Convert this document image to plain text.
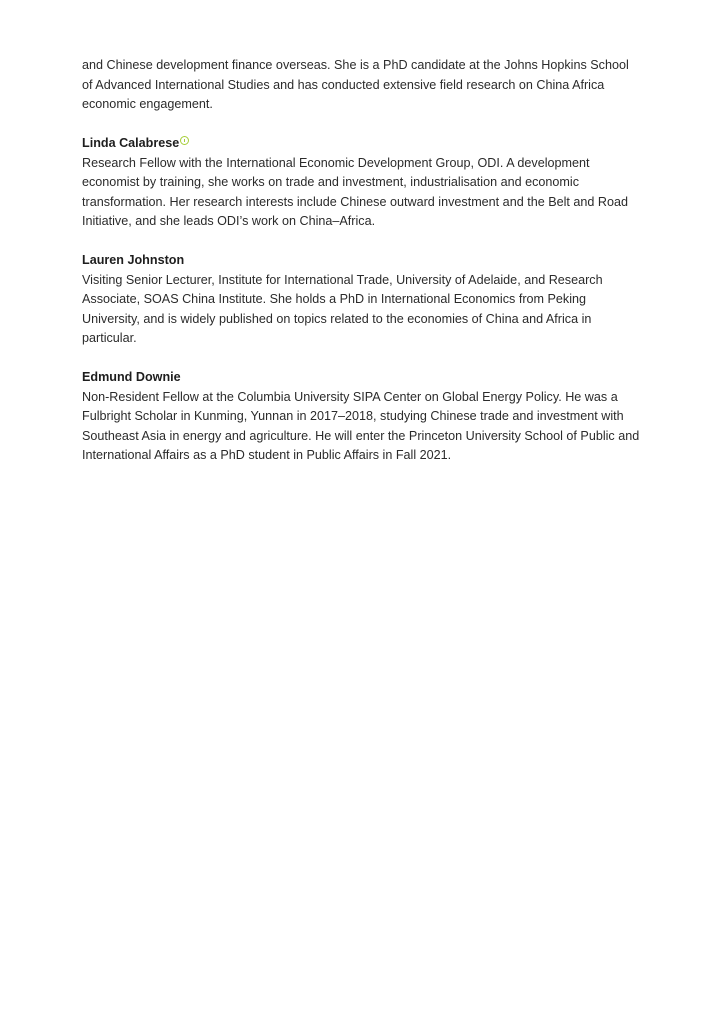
and Chinese development finance overseas. She is a PhD candidate at the Johns Hopkins School of Advanced International Studies and has conducted extensive field research on China Africa economic engagement.

Linda Calabrese

Research Fellow with the International Economic Development Group, ODI. A development economist by training, she works on trade and investment, industrialisation and economic transformation. Her research interests include Chinese outward investment and the Belt and Road Initiative, and she leads ODI’s work on China–Africa.

Lauren Johnston

Visiting Senior Lecturer, Institute for International Trade, University of Adelaide, and Research Associate, SOAS China Institute. She holds a PhD in International Economics from Peking University, and is widely published on topics related to the economies of China and Africa in particular.

Edmund Downie

Non-Resident Fellow at the Columbia University SIPA Center on Global Energy Policy. He was a Fulbright Scholar in Kunming, Yunnan in 2017–2018, studying Chinese trade and investment with Southeast Asia in energy and agriculture. He will enter the Princeton University School of Public and International Affairs as a PhD student in Public Affairs in Fall 2021.
